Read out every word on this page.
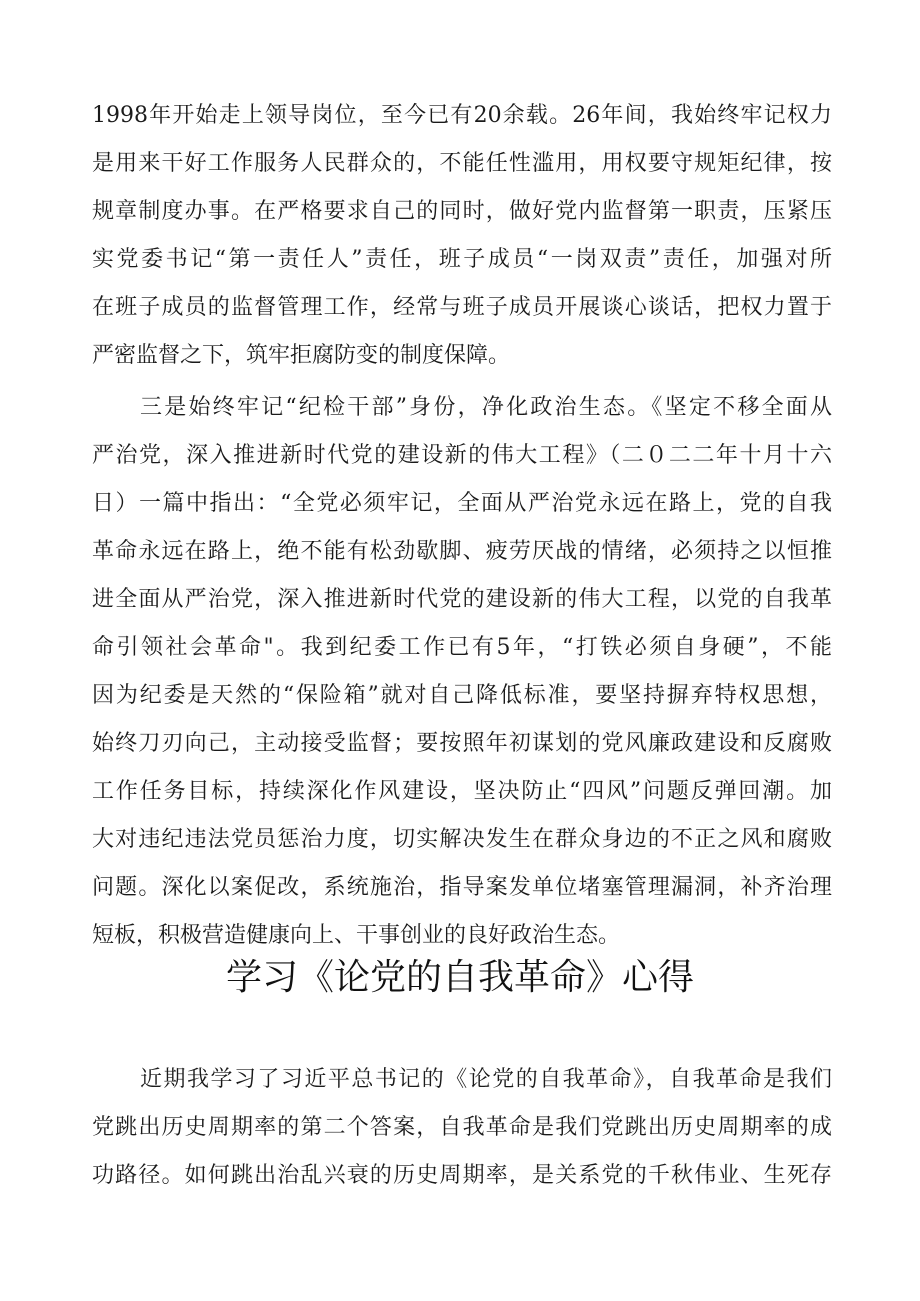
1998年开始走上领导岗位，至今已有20余载。26年间，我始终牢记权力
是用来干好工作服务人民群众的，不能任性滥用，用权要守规矩纪律，按
规章制度办事。在严格要求自己的同时，做好党内监督第一职责，压紧压
实党委书记“第一责任人”责任，班子成员“一岗双责”责任，加强对所
在班子成员的监督管理工作，经常与班子成员开展谈心谈话，把权力置于
严密监督之下，筑牢拒腐防变的制度保障。
三是始终牢记“纪检干部”身份，净化政治生态。《坚定不移全面从
严治党，深入推进新时代党的建设新的伟大工程》（二０二二年十月十六
日）一篇中指出：“全党必须牢记，全面从严治党永远在路上，党的自我
革命永远在路上，绝不能有松劲歇脚、疲劳厌战的情绪，必须持之以恒推
进全面从严治党，深入推进新时代党的建设新的伟大工程，以党的自我革
命引领社会革命"。我到纪委工作已有5年，“打铁必须自身硬”，不能
因为纪委是天然的“保险箱”就对自己降低标准，要坚持摒弃特权思想，
始终刀刃向己，主动接受监督；要按照年初谋划的党风廉政建设和反腐败
工作任务目标，持续深化作风建设，坚决防止“四风”问题反弹回潮。加
大对违纪违法党员惩治力度，切实解决发生在群众身边的不正之风和腐败
问题。深化以案促改，系统施治，指导案发单位堵塞管理漏洞，补齐治理
短板，积极营造健康向上、干事创业的良好政治生态。
学习《论党的自我革命》心得
近期我学习了习近平总书记的《论党的自我革命》，自我革命是我们
党跳出历史周期率的第二个答案，自我革命是我们党跳出历史周期率的成
功路径。如何跳出治乱兴衰的历史周期率，是关系党的千秋伟业、生死存
